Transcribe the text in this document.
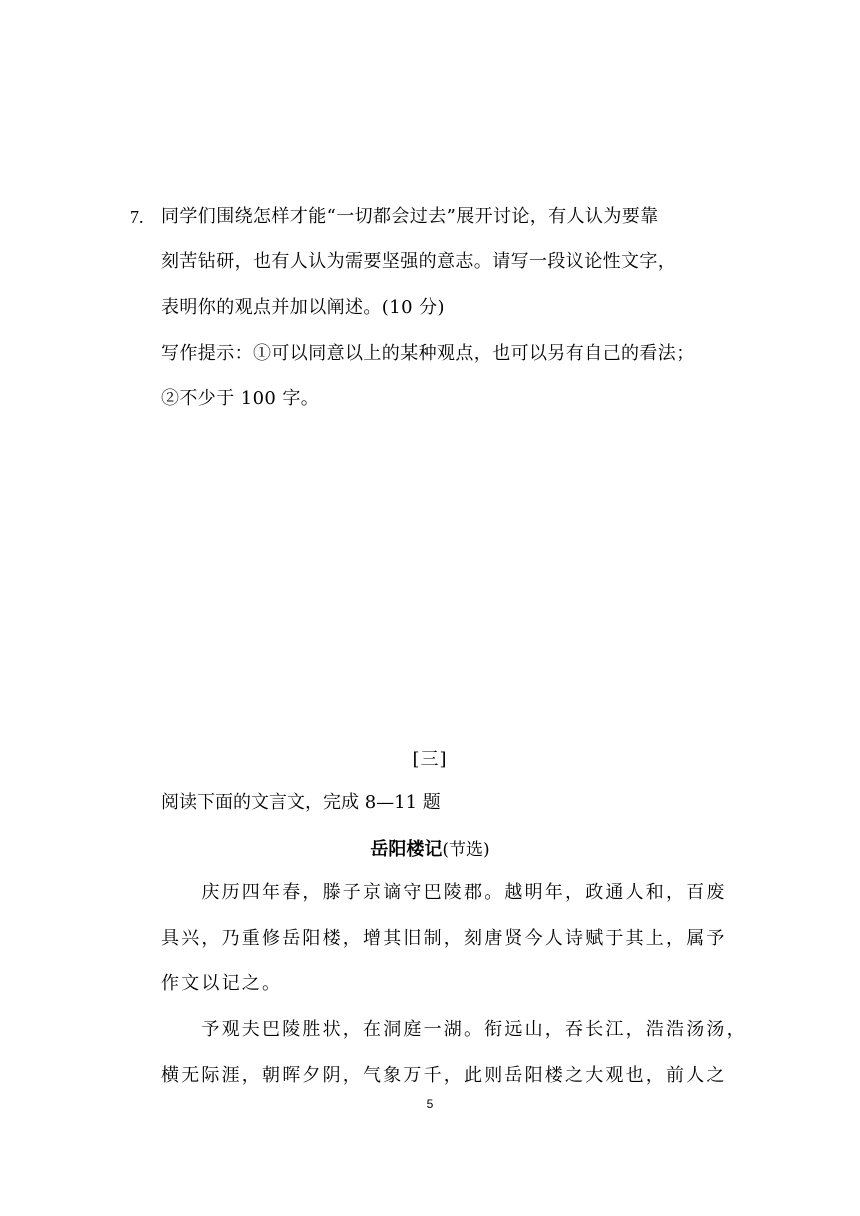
7. 同学们围绕怎样才能“一切都会过去”展开讨论，有人认为要靠

刻苦钻研，也有人认为需要坚强的意志。请写一段议论性文字，

表明你的观点并加以阐述。(10 分)

写作提示：①可以同意以上的某种观点，也可以另有自己的看法；

②不少于 100 字。

[三]

阅读下面的文言文，完成 8—11 题

岳阳楼记(节选)

　　庆历四年春，滕子京谪守巴陵郡。越明年，政通人和，百废

具兴，乃重修岳阳楼，增其旧制，刻唐贤今人诗赋于其上，属予

作文以记之。

　　予观夫巴陵胜状，在洞庭一湖。衔远山，吞长江，浩浩汤汤，

横无际涯，朝晖夕阴，气象万千，此则岳阳楼之大观也，前人之

5
